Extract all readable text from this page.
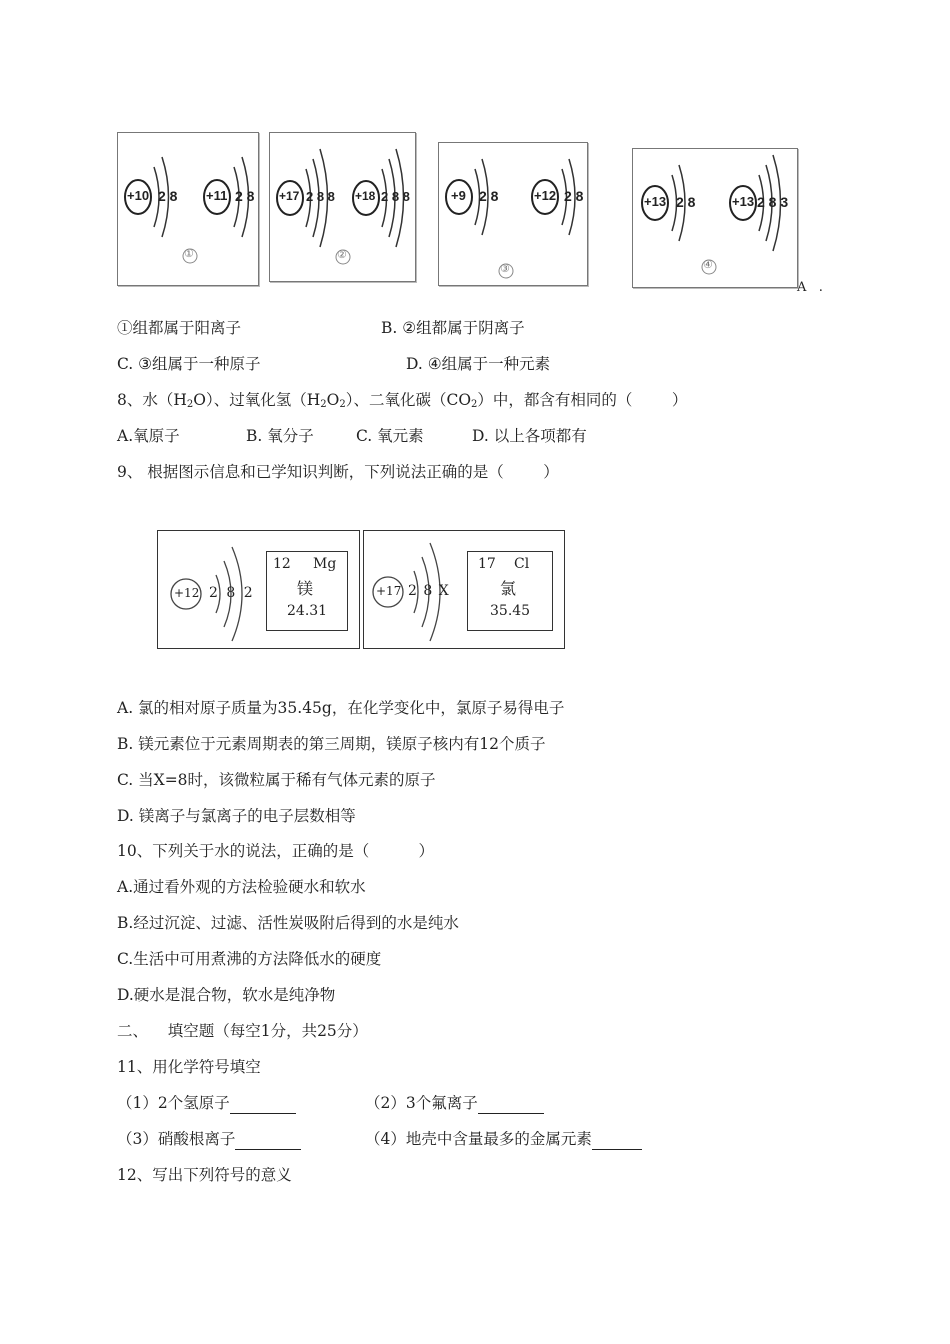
+10 2 8 +11 2 8
①
+17 2 8 8 +18 2 8 8
②
+9 2 8	+12 2 8
③
+13 2 8	+13 2 8 3
④
A   .
①组都属于阳离子	B. ②组都属于阴离子
C. ③组属于一种原子	D. ④组属于一种元素
8、水$(H_2O)$、过氧化氢$(H_2O_2)$、二氧化碳$(CO_2)$中，都含有相同的（        ）
A.氧原子	B. 氧分子	C. 氧元素	D. 以上各项都有
9、 根据图示信息和已学知识判断，下列说法正确的是（        ）
+12 2 8 2
12 Mg
镁
24.31
+17 2 8 X
17 Cl
氯
35.45
A. 氯的相对原子质量为35.45g，在化学变化中，氯原子易得电子
B. 镁元素位于元素周期表的第三周期，镁原子核内有12个质子
C. 当X=8时，该微粒属于稀有气体元素的原子
D. 镁离子与氯离子的电子层数相等
10、下列关于水的说法，正确的是（          ）
A.通过看外观的方法检验硬水和软水
B.经过沉淀、过滤、活性炭吸附后得到的水是纯水
C.生活中可用煮沸的方法降低水的硬度
D.硬水是混合物，软水是纯净物
二、    填空题（每空1分，共25分）
11、用化学符号填空
（1）2个氢原子	（2）3个氟离子
（3）硝酸根离子	（4）地壳中含量最多的金属元素
12、写出下列符号的意义
